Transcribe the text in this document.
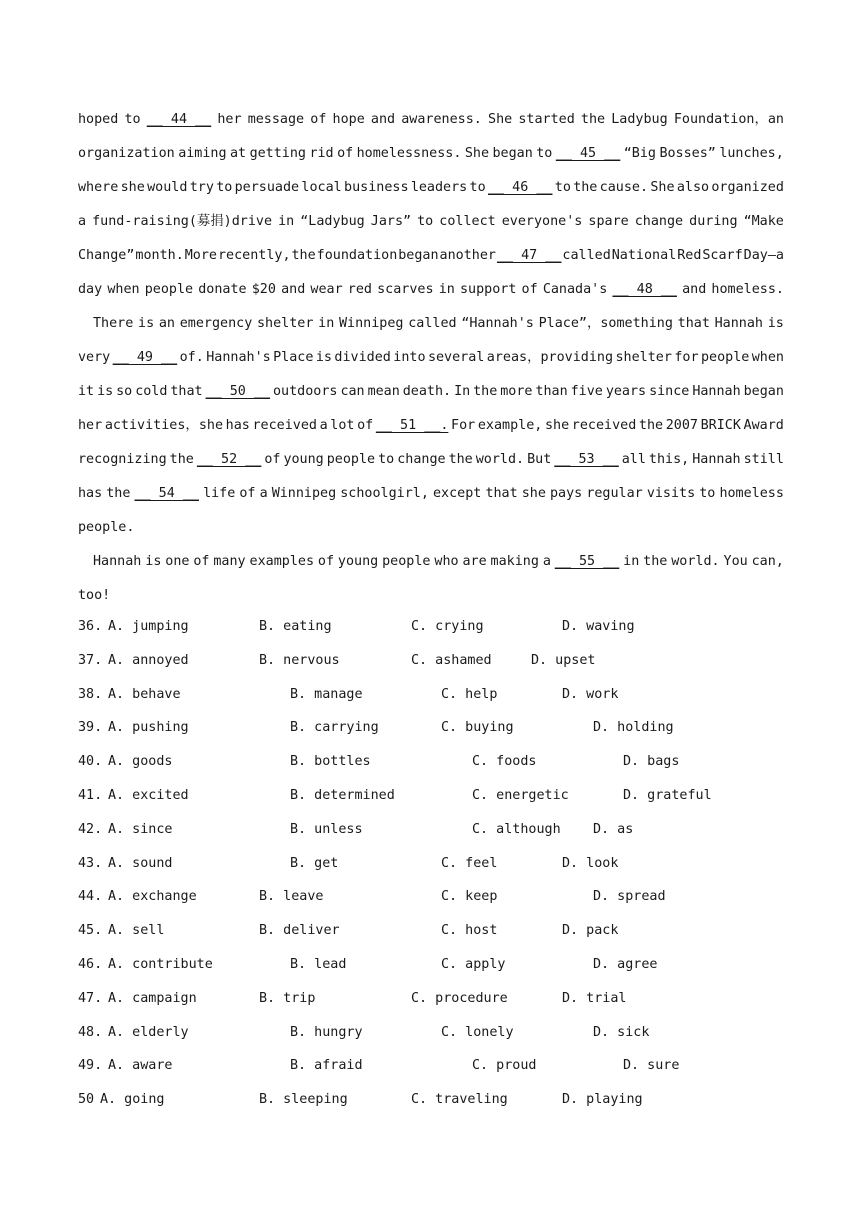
hoped to __ 44 __ her message of hope and awareness. She started the Ladybug Foundation，an
organization aiming at getting rid of homelessness. She began to __ 45 __ “Big Bosses” lunches,
where she would try to persuade local business leaders to __ 46 __ to the cause. She also organized
a fund-raising(募捐)drive in “Ladybug Jars” to collect everyone's spare change during “Make
Change” month. More recently, the foundation began another __ 47 __ called National Red Scarf Day—a
day when people donate $20 and wear red scarves in support of Canada's __ 48 __ and homeless.
There is an emergency shelter in Winnipeg called “Hannah's Place”，something that Hannah is
very __ 49 __ of. Hannah's Place is divided into several areas，providing shelter for people when
it is so cold that __ 50 __ outdoors can mean death. In the more than five years since Hannah began
her activities，she has received a lot of __ 51 __. For example, she received the 2007 BRICK Award
recognizing the __ 52 __ of young people to change the world. But __ 53 __ all this, Hannah still
has the __ 54 __ life of a Winnipeg schoolgirl, except that she pays regular visits to homeless
people.
Hannah is one of many examples of young people who are making a __ 55 __ in the world. You can,
too!
36. A. jumping	B. eating	C. crying	D. waving
37. A. annoyed	B. nervous	C. ashamed	D. upset
38. A. behave	B. manage	C. help	D. work
39. A. pushing	B. carrying	C. buying	D. holding
40. A. goods	B. bottles	C. foods	D. bags
41. A. excited	B. determined	C. energetic	D. grateful
42. A. since	B. unless	C. although D. as
43. A. sound	B. get	C. feel	D. look
44. A. exchange	B. leave	C. keep	D. spread
45. A. sell	B. deliver	C. host	D. pack
46. A. contribute	B. lead	C. apply	D. agree
47. A. campaign	B. trip	C. procedure	D. trial
48. A. elderly	B. hungry	C. lonely	D. sick
49. A. aware	B. afraid	C. proud	D. sure
50 A. going	B. sleeping	C. traveling	D. playing
